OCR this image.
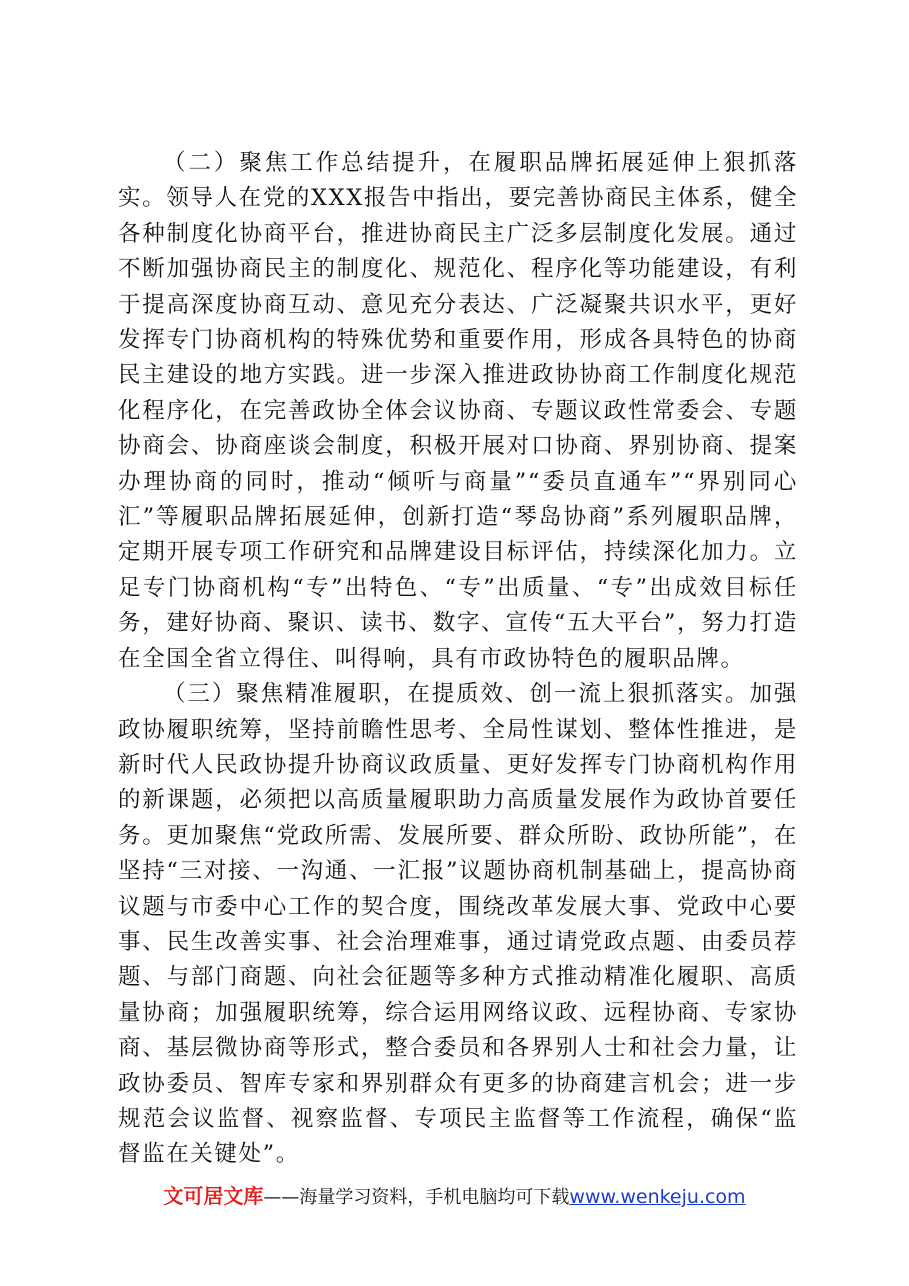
（二）聚焦工作总结提升，在履职品牌拓展延伸上狠抓落实。领导人在党的XXX报告中指出，要完善协商民主体系，健全各种制度化协商平台，推进协商民主广泛多层制度化发展。通过不断加强协商民主的制度化、规范化、程序化等功能建设，有利于提高深度协商互动、意见充分表达、广泛凝聚共识水平，更好发挥专门协商机构的特殊优势和重要作用，形成各具特色的协商民主建设的地方实践。进一步深入推进政协协商工作制度化规范化程序化，在完善政协全体会议协商、专题议政性常委会、专题协商会、协商座谈会制度，积极开展对口协商、界别协商、提案办理协商的同时，推动“倾听与商量”“委员直通车”“界别同心汇”等履职品牌拓展延伸，创新打造“琴岛协商”系列履职品牌，定期开展专项工作研究和品牌建设目标评估，持续深化加力。立足专门协商机构“专”出特色、“专”出质量、“专”出成效目标任务，建好协商、聚识、读书、数字、宣传“五大平台”，努力打造在全国全省立得住、叫得响，具有市政协特色的履职品牌。

（三）聚焦精准履职，在提质效、创一流上狠抓落实。加强政协履职统筹，坚持前瞻性思考、全局性谋划、整体性推进，是新时代人民政协提升协商议政质量、更好发挥专门协商机构作用的新课题，必须把以高质量履职助力高质量发展作为政协首要任务。更加聚焦“党政所需、发展所要、群众所盼、政协所能”，在坚持“三对接、一沟通、一汇报”议题协商机制基础上，提高协商议题与市委中心工作的契合度，围绕改革发展大事、党政中心要事、民生改善实事、社会治理难事，通过请党政点题、由委员荐题、与部门商题、向社会征题等多种方式推动精准化履职、高质量协商；加强履职统筹，综合运用网络议政、远程协商、专家协商、基层微协商等形式，整合委员和各界别人士和社会力量，让政协委员、智库专家和界别群众有更多的协商建言机会；进一步规范会议监督、视察监督、专项民主监督等工作流程，确保“监督监在关键处”。

文可居文库——海量学习资料，手机电脑均可下载www.wenkeju.com
